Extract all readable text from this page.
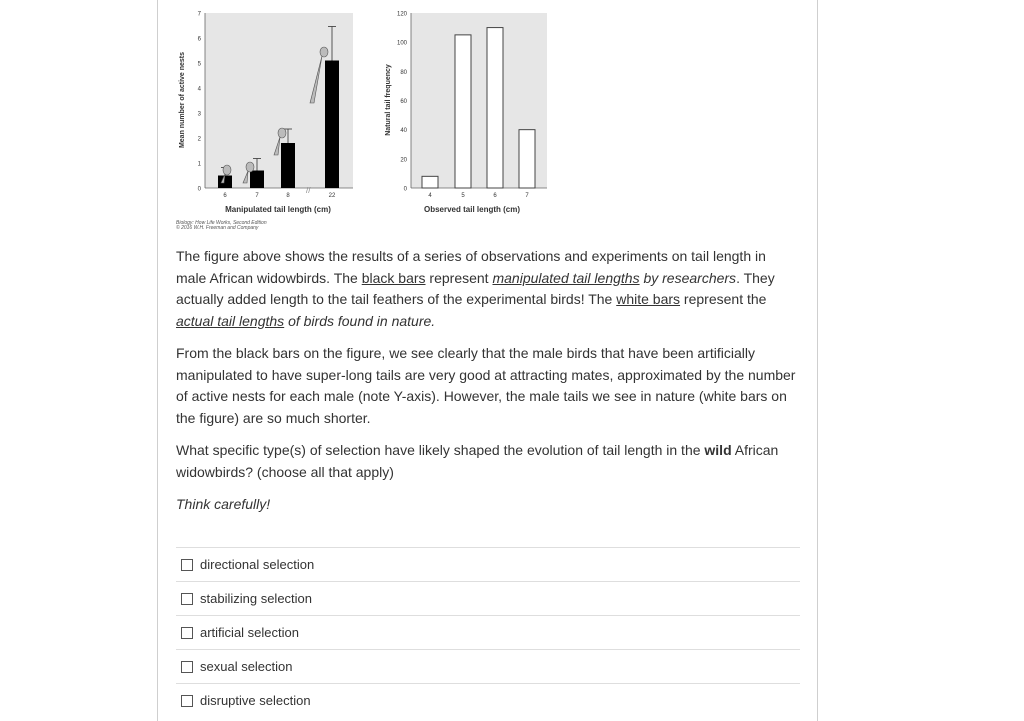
0
1
2
3
4
5
6
7
6	7	8	22
//
Manipulated tail length (cm)
Mean number of active nests
0
20
40
60
80
100
120
4	5	6	7
Observed tail length (cm)
Natural tail frequency
Biology: How Life Works, Second Edition
© 2016 W.H. Freeman and Company
The figure above shows the results of a series of observations and experiments on tail length in male African widowbirds. The black bars represent manipulated tail lengths by researchers. They actually added length to the tail feathers of the experimental birds! The white bars represent the actual tail lengths of birds found in nature.
From the black bars on the figure, we see clearly that the male birds that have been artificially manipulated to have super-long tails are very good at attracting mates, approximated by the number of active nests for each male (note Y-axis). However, the male tails we see in nature (white bars on the figure) are so much shorter.
What specific type(s) of selection have likely shaped the evolution of tail length in the wild African widowbirds? (choose all that apply)
Think carefully!
directional selection
stabilizing selection
artificial selection
sexual selection
disruptive selection
